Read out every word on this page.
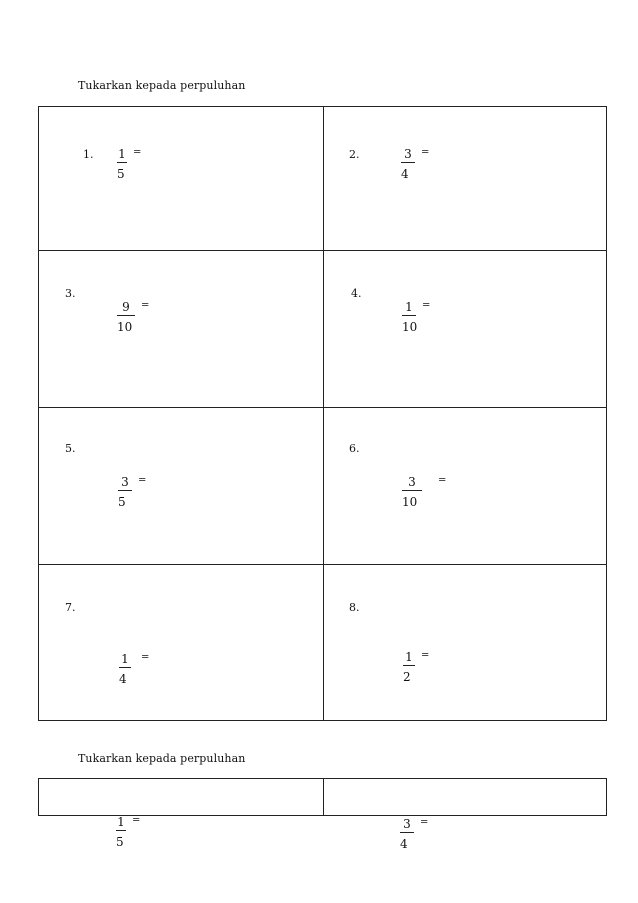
Tukarkan kepada perpuluhan
1. 1 =
5
2.	3 =
4
3.
9 =
10
4.
1 =
10
5.
3 =
5
6.
3 =
10
7.
1 =
4
8.
1 =
2
Tukarkan kepada perpuluhan
1 =
5
3 =
4
